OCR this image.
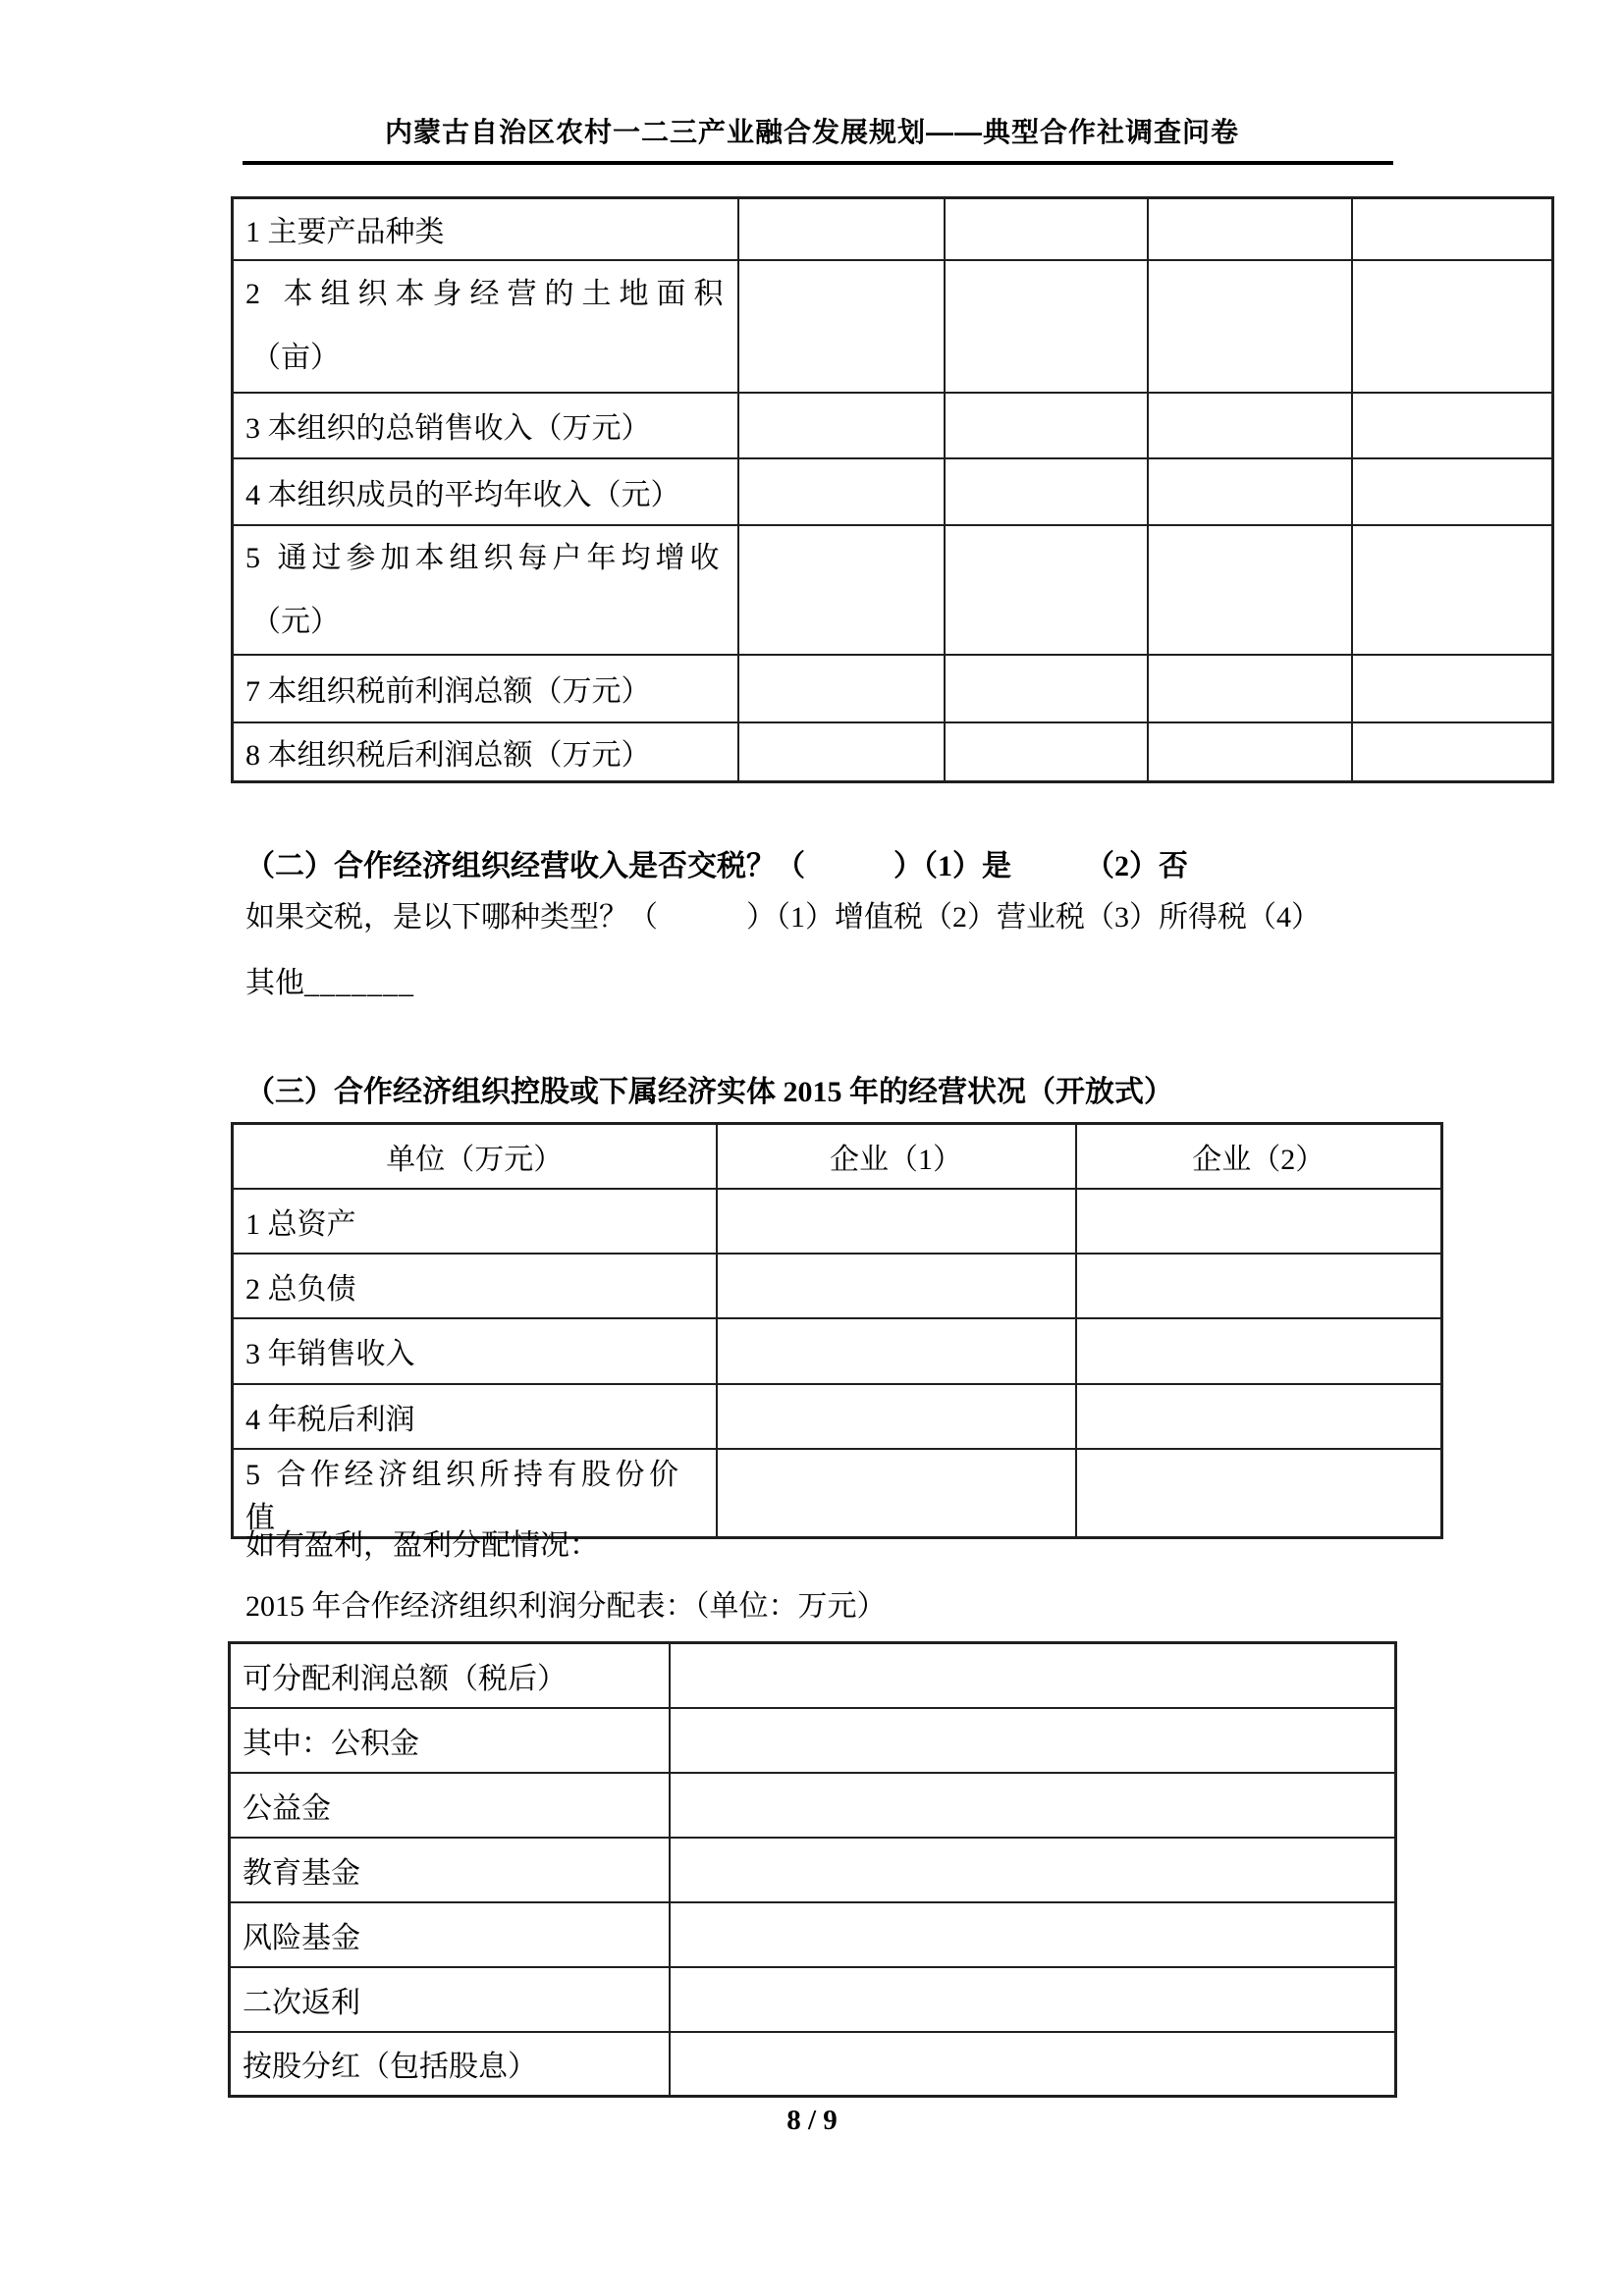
内蒙古自治区农村一二三产业融合发展规划——典型合作社调查问卷
1 主要产品种类				

2 本组织本身经营的土地面积
（亩）				

3 本组织的总销售收入（万元）				
4 本组织成员的平均年收入（元）				

5 通过参加本组织每户年均增收
（元）				

7 本组织税前利润总额（万元）				
8 本组织税后利润总额（万元）				
（二）合作经济组织经营收入是否交税？（　　　）（1）是　　　（2）否
如果交税，是以下哪种类型？（　　　）（1）增值税（2）营业税（3）所得税（4）
其他_______
（三）合作经济组织控股或下属经济实体 2015 年的经营状况（开放式）
单位（万元）	企业（1）	企业（2）
1 总资产		
2 总负债		
3 年销售收入		
4 年税后利润		
5 合作经济组织所持有股份价值		
如有盈利，盈利分配情况：
2015 年合作经济组织利润分配表：（单位：万元）
可分配利润总额（税后）	
其中：公积金	
公益金	
教育基金	
风险基金	
二次返利	
按股分红（包括股息）	
8 / 9
